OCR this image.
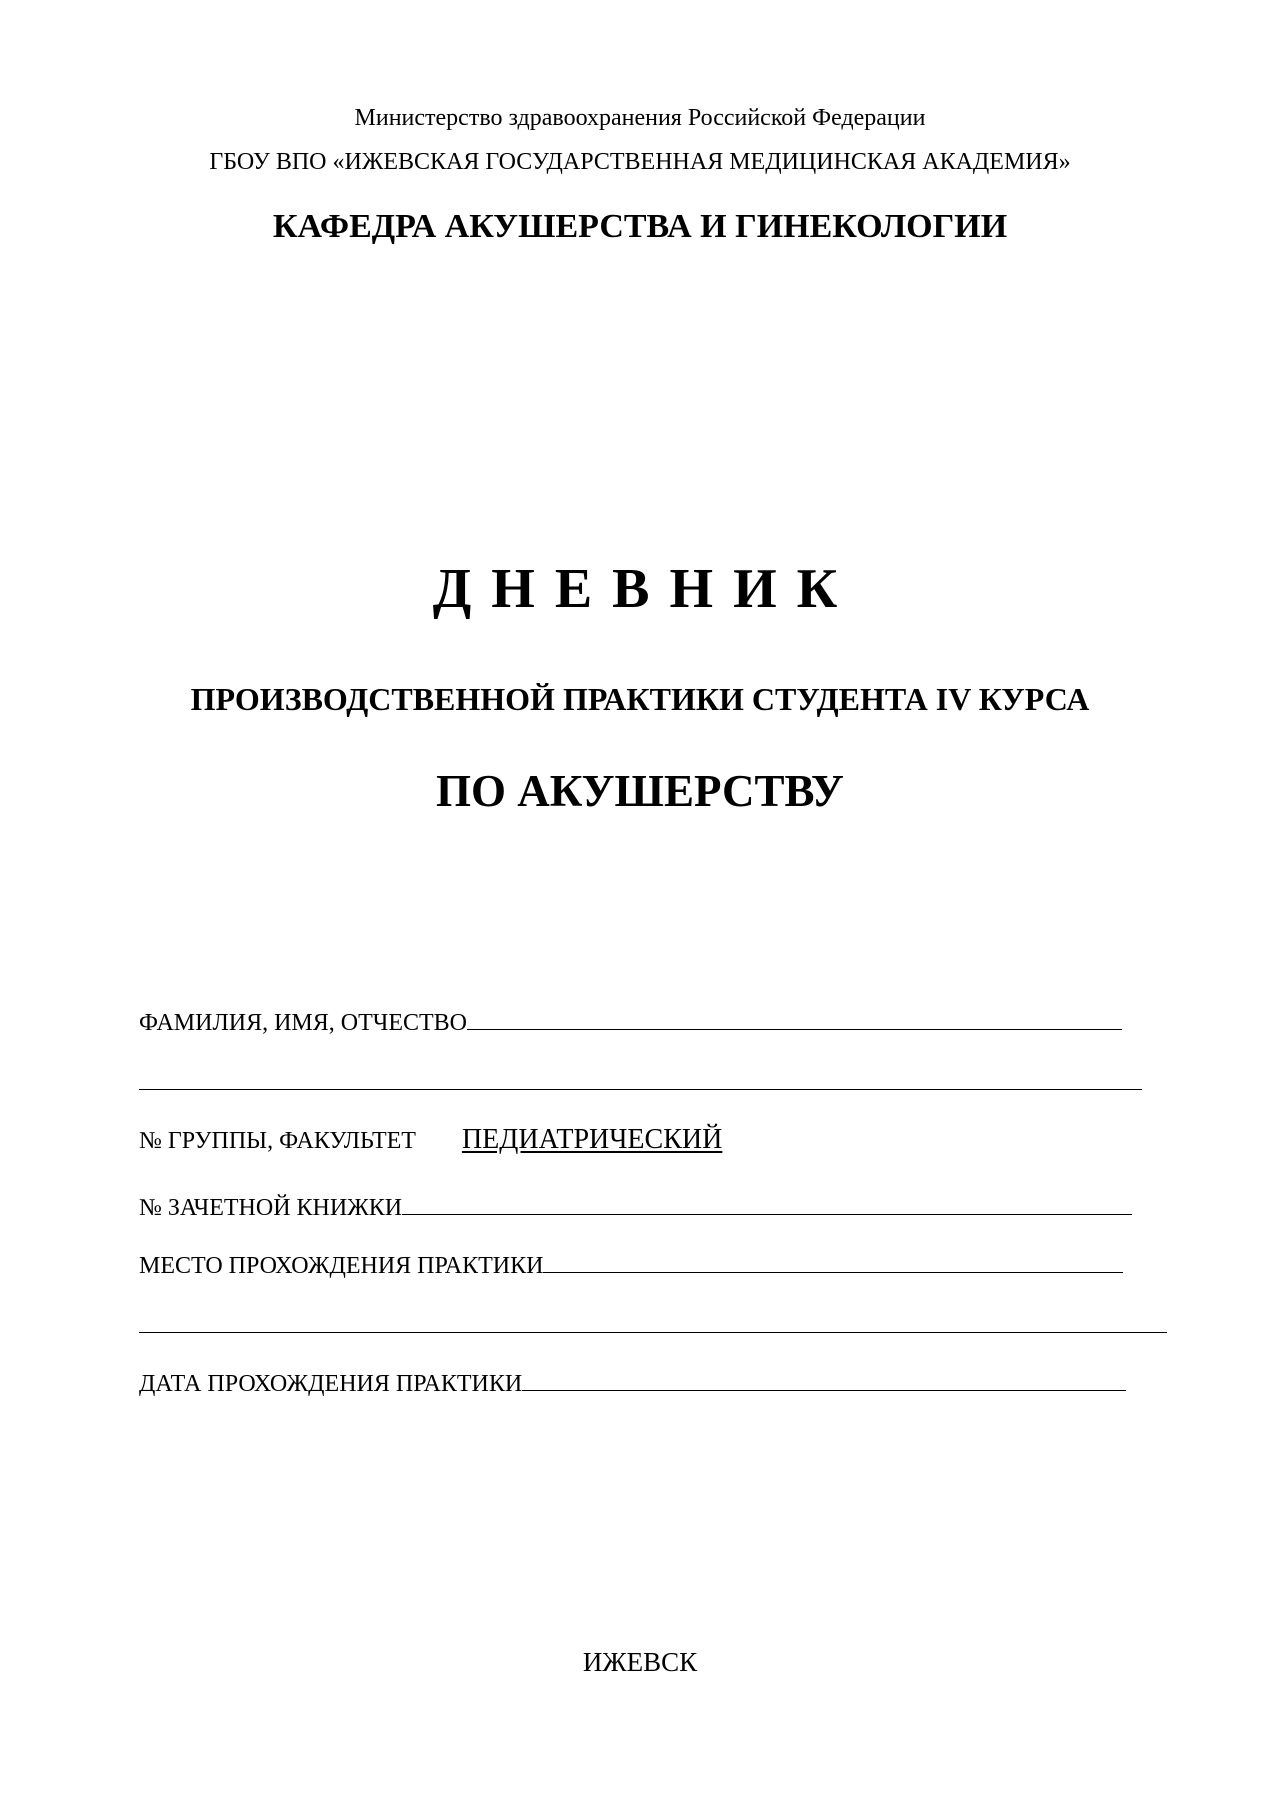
Министерство здравоохранения Российской Федерации
ГБОУ ВПО «ИЖЕВСКАЯ ГОСУДАРСТВЕННАЯ МЕДИЦИНСКАЯ АКАДЕМИЯ»
КАФЕДРА АКУШЕРСТВА И ГИНЕКОЛОГИИ
ДНЕВНИК
ПРОИЗВОДСТВЕННОЙ ПРАКТИКИ СТУДЕНТА IV КУРСА
ПО АКУШЕРСТВУ
ФАМИЛИЯ, ИМЯ, ОТЧЕСТВО
№ ГРУППЫ, ФАКУЛЬТЕТ ПЕДИАТРИЧЕСКИЙ
№ ЗАЧЕТНОЙ КНИЖКИ
МЕСТО ПРОХОЖДЕНИЯ ПРАКТИКИ
ДАТА ПРОХОЖДЕНИЯ ПРАКТИКИ
ИЖЕВСК
